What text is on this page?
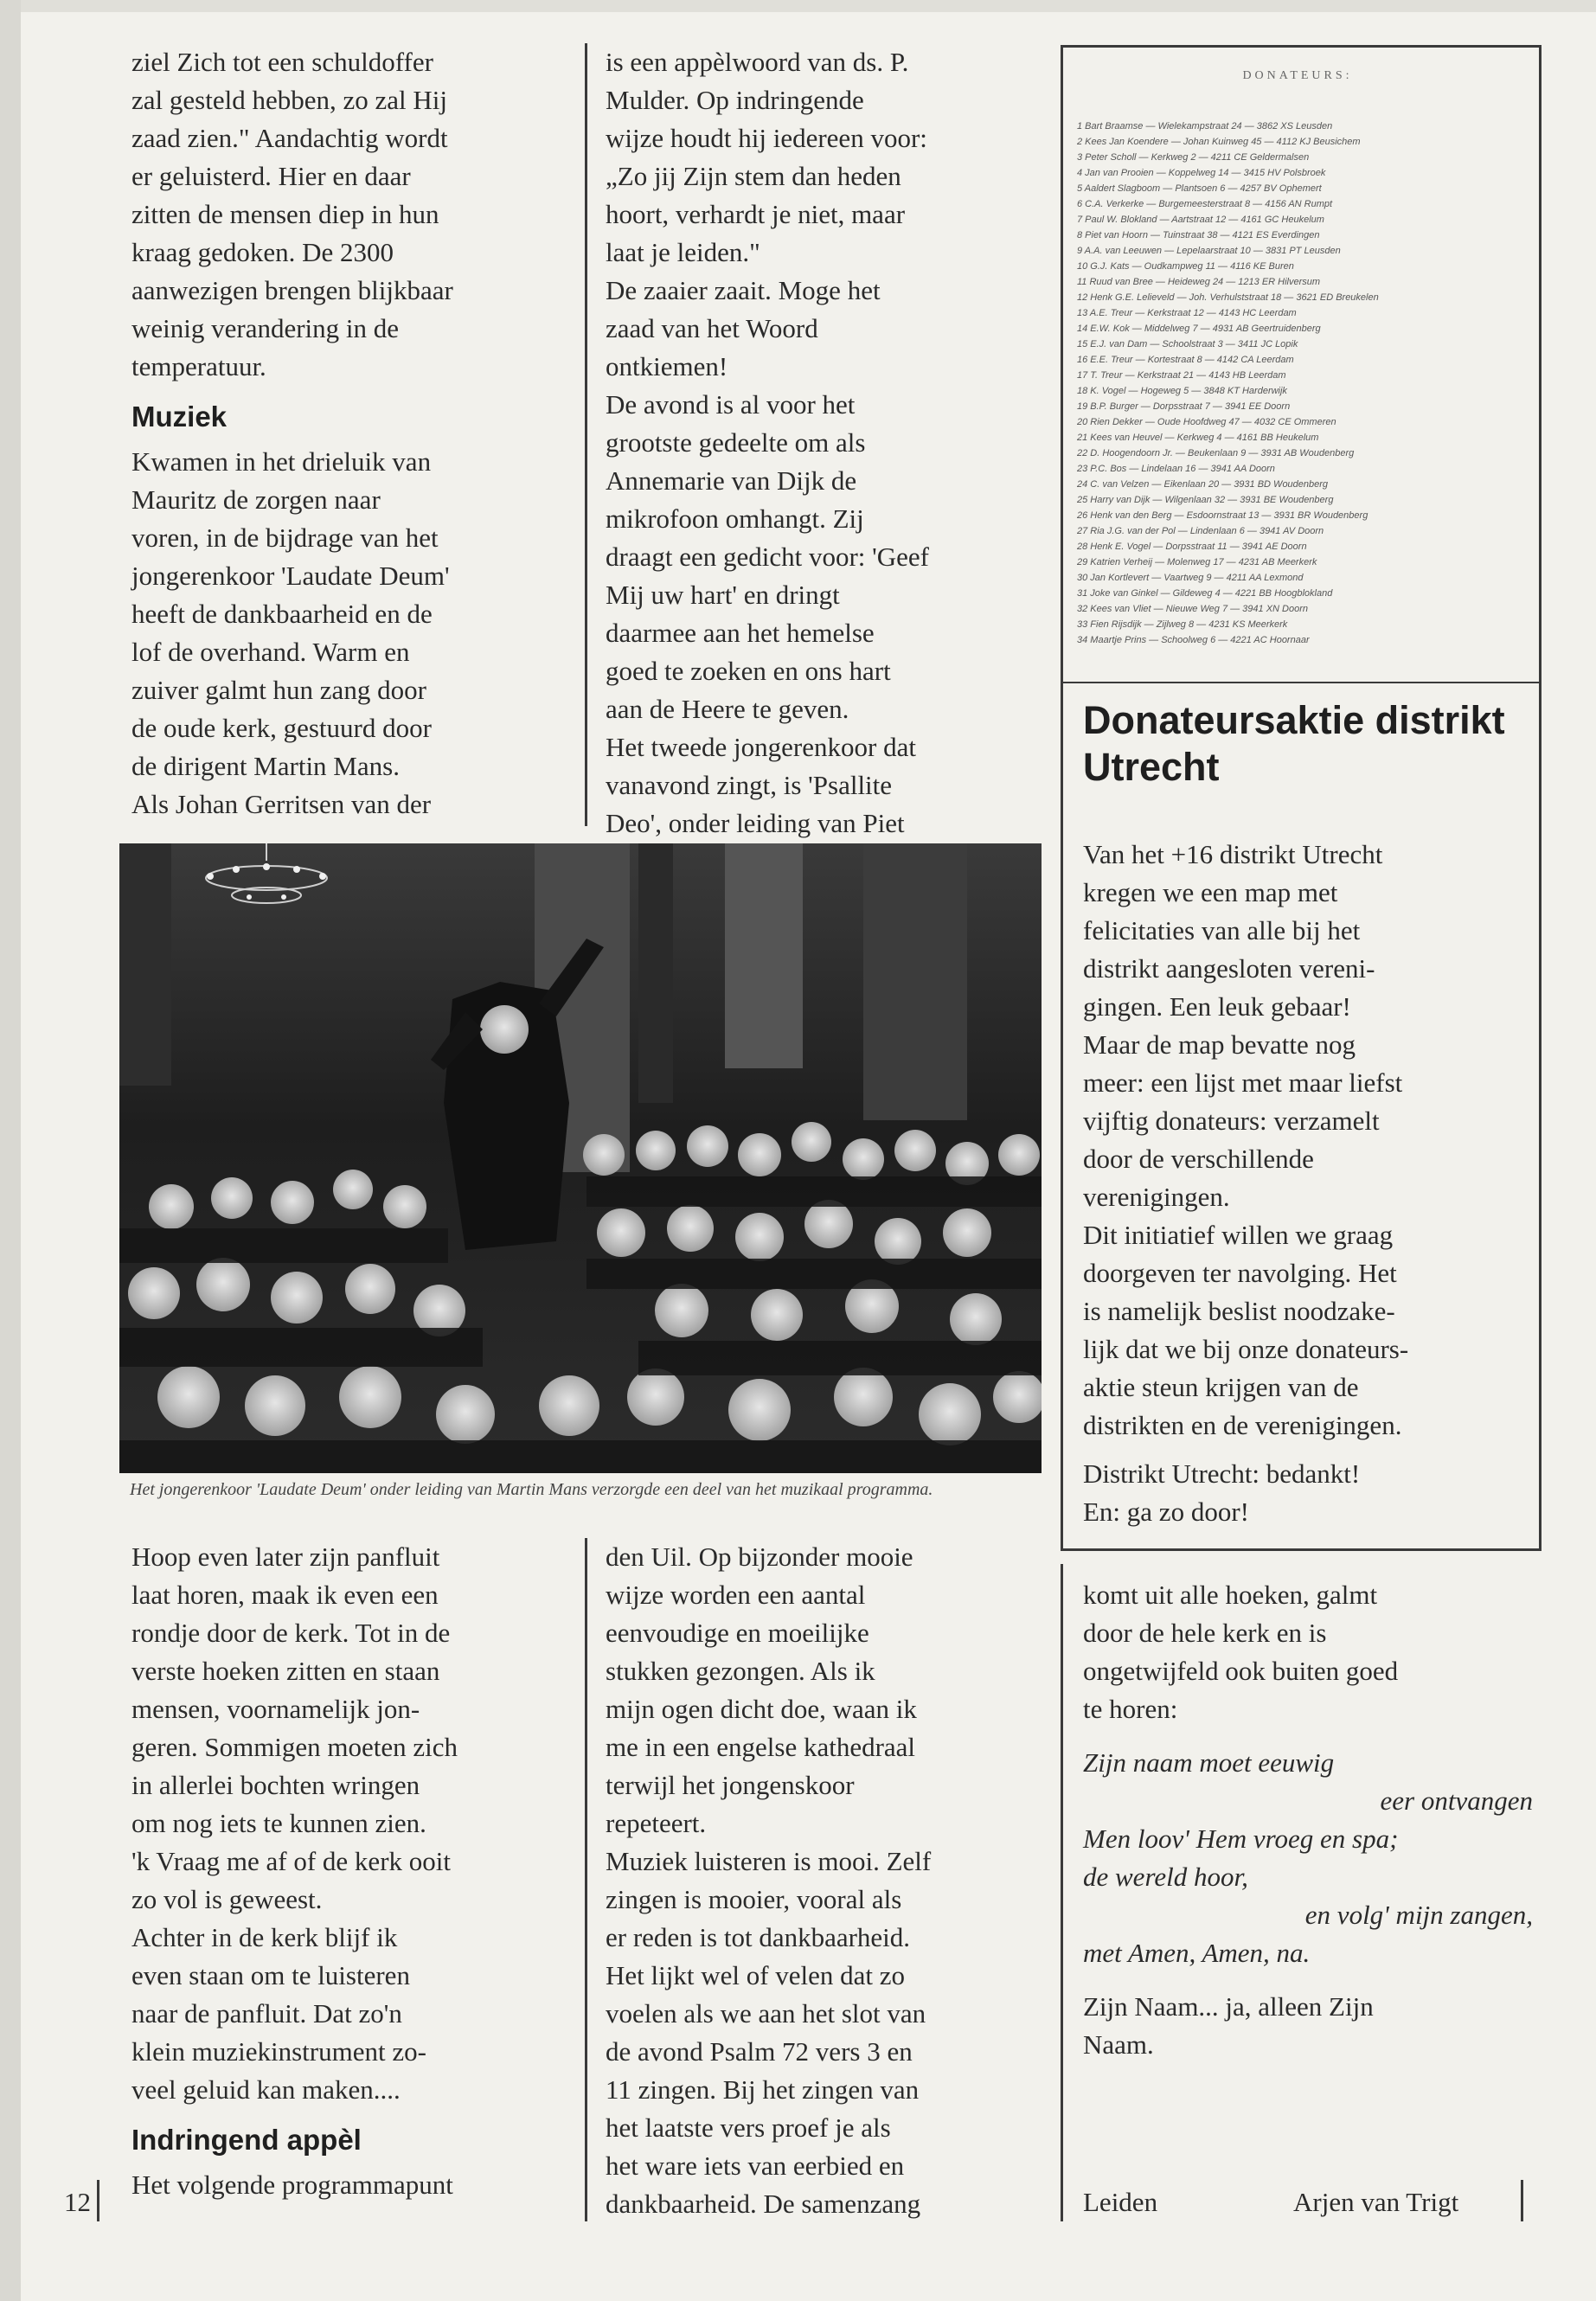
ziel Zich tot een schuldoffer

zal gesteld hebben, zo zal Hij

zaad zien." Aandachtig wordt

er geluisterd. Hier en daar

zitten de mensen diep in hun

kraag gedoken. De 2300

aanwezigen brengen blijkbaar

weinig verandering in de

temperatuur.

Muziek

Kwamen in het drieluik van

Mauritz de zorgen naar

voren, in de bijdrage van het

jongerenkoor 'Laudate Deum'

heeft de dankbaarheid en de

lof de overhand. Warm en

zuiver galmt hun zang door

de oude kerk, gestuurd door

de dirigent Martin Mans.

Als Johan Gerritsen van der

is een appèlwoord van ds. P.

Mulder. Op indringende

wijze houdt hij iedereen voor:

„Zo jij Zijn stem dan heden

hoort, verhardt je niet, maar

laat je leiden."

De zaaier zaait. Moge het

zaad van het Woord

ontkiemen!

De avond is al voor het

grootste gedeelte om als

Annemarie van Dijk de

mikrofoon omhangt. Zij

draagt een gedicht voor: 'Geef

Mij uw hart' en dringt

daarmee aan het hemelse

goed te zoeken en ons hart

aan de Heere te geven.

Het tweede jongerenkoor dat

vanavond zingt, is 'Psallite

Deo', onder leiding van Piet

Het jongerenkoor 'Laudate Deum' onder leiding van Martin Mans verzorgde een deel van het muzikaal programma.

Hoop even later zijn panfluit

laat horen, maak ik even een

rondje door de kerk. Tot in de

verste hoeken zitten en staan

mensen, voornamelijk jon-

geren. Sommigen moeten zich

in allerlei bochten wringen

om nog iets te kunnen zien.

'k Vraag me af of de kerk ooit

zo vol is geweest.

Achter in de kerk blijf ik

even staan om te luisteren

naar de panfluit. Dat zo'n

klein muziekinstrument zo-

veel geluid kan maken....

Indringend appèl

Het volgende programmapunt

den Uil. Op bijzonder mooie

wijze worden een aantal

eenvoudige en moeilijke

stukken gezongen. Als ik

mijn ogen dicht doe, waan ik

me in een engelse kathedraal

terwijl het jongenskoor

repeteert.

Muziek luisteren is mooi. Zelf

zingen is mooier, vooral als

er reden is tot dankbaarheid.

Het lijkt wel of velen dat zo

voelen als we aan het slot van

de avond Psalm 72 vers 3 en

11 zingen. Bij het zingen van

het laatste vers proef je als

het ware iets van eerbied en

dankbaarheid. De samenzang

DONATEURS:
1 Bart Braamse — Wielekampstraat 24 — 3862 XS Leusden
2 Kees Jan Koendere — Johan Kuinweg 45 — 4112 KJ Beusichem
3 Peter Scholl — Kerkweg 2 — 4211 CE Geldermalsen
4 Jan van Prooien — Koppelweg 14 — 3415 HV Polsbroek
5 Aaldert Slagboom — Plantsoen 6 — 4257 BV Ophemert
6 C.A. Verkerke — Burgemeesterstraat 8 — 4156 AN Rumpt
7 Paul W. Blokland — Aartstraat 12 — 4161 GC Heukelum
8 Piet van Hoorn — Tuinstraat 38 — 4121 ES Everdingen
9 A.A. van Leeuwen — Lepelaarstraat 10 — 3831 PT Leusden
10 G.J. Kats — Oudkampweg 11 — 4116 KE Buren
11 Ruud van Bree — Heideweg 24 — 1213 ER Hilversum
12 Henk G.E. Lelieveld — Joh. Verhulststraat 18 — 3621 ED Breukelen
13 A.E. Treur — Kerkstraat 12 — 4143 HC Leerdam
14 E.W. Kok — Middelweg 7 — 4931 AB Geertruidenberg
15 E.J. van Dam — Schoolstraat 3 — 3411 JC Lopik
16 E.E. Treur — Kortestraat 8 — 4142 CA Leerdam
17 T. Treur — Kerkstraat 21 — 4143 HB Leerdam
18 K. Vogel — Hogeweg 5 — 3848 KT Harderwijk
19 B.P. Burger — Dorpsstraat 7 — 3941 EE Doorn
20 Rien Dekker — Oude Hoofdweg 47 — 4032 CE Ommeren
21 Kees van Heuvel — Kerkweg 4 — 4161 BB Heukelum
22 D. Hoogendoorn Jr. — Beukenlaan 9 — 3931 AB Woudenberg
23 P.C. Bos — Lindelaan 16 — 3941 AA Doorn
24 C. van Velzen — Eikenlaan 20 — 3931 BD Woudenberg
25 Harry van Dijk — Wilgenlaan 32 — 3931 BE Woudenberg
26 Henk van den Berg — Esdoornstraat 13 — 3931 BR Woudenberg
27 Ria J.G. van der Pol — Lindenlaan 6 — 3941 AV Doorn
28 Henk E. Vogel — Dorpsstraat 11 — 3941 AE Doorn
29 Katrien Verheij — Molenweg 17 — 4231 AB Meerkerk
30 Jan Kortlevert — Vaartweg 9 — 4211 AA Lexmond
31 Joke van Ginkel — Gildeweg 4 — 4221 BB Hoogblokland
32 Kees van Vliet — Nieuwe Weg 7 — 3941 XN Doorn
33 Fien Rijsdijk — Zijlweg 8 — 4231 KS Meerkerk
34 Maartje Prins — Schoolweg 6 — 4221 AC Hoornaar
Donateursaktie distrikt Utrecht

Van het +16 distrikt Utrecht

kregen we een map met

felicitaties van alle bij het

distrikt aangesloten vereni-

gingen. Een leuk gebaar!

Maar de map bevatte nog

meer: een lijst met maar liefst

vijftig donateurs: verzamelt

door de verschillende

verenigingen.

Dit initiatief willen we graag

doorgeven ter navolging. Het

is namelijk beslist noodzake-

lijk dat we bij onze donateurs-

aktie steun krijgen van de

distrikten en de verenigingen.

Distrikt Utrecht: bedankt!

En: ga zo door!

komt uit alle hoeken, galmt

door de hele kerk en is

ongetwijfeld ook buiten goed

te horen:

Zijn naam moet eeuwig

eer ontvangen

Men loov' Hem vroeg en spa;

de wereld hoor,

en volg' mijn zangen,

met Amen, Amen, na.

Zijn Naam... ja, alleen Zijn

Naam.

12	Leiden	Arjen van Trigt
